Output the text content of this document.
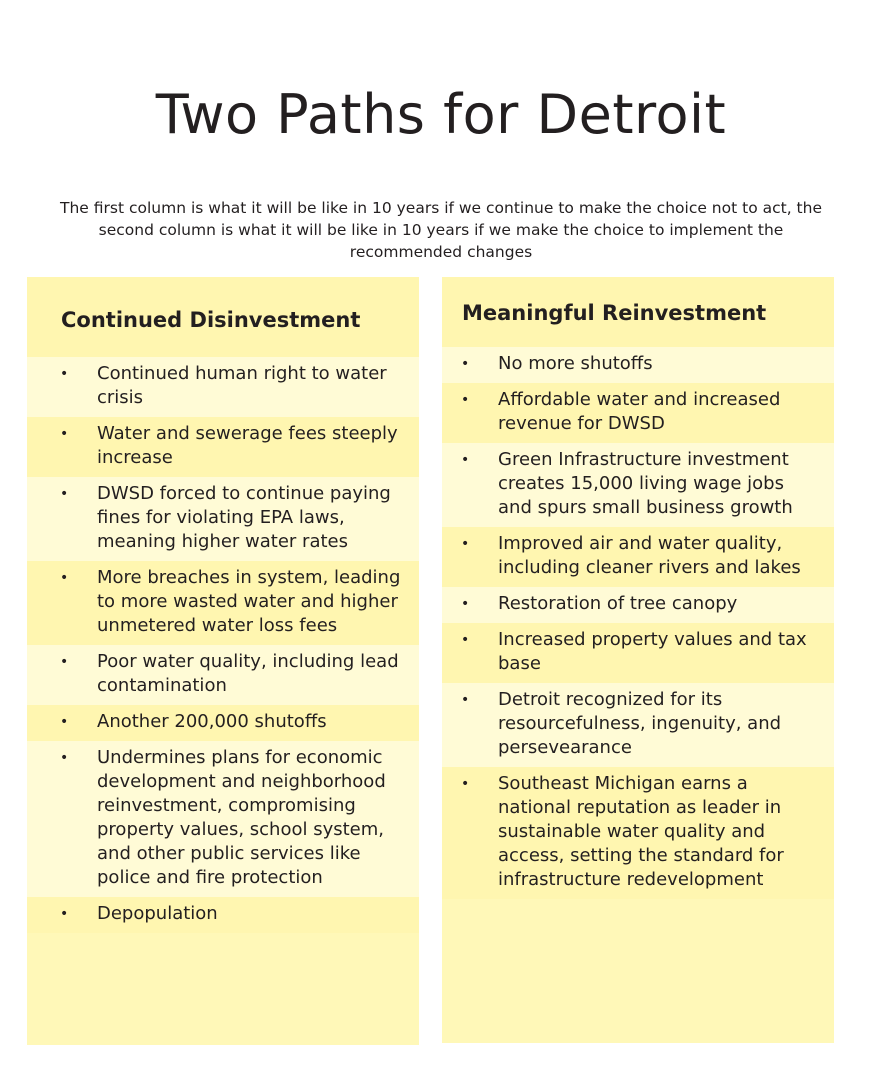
Two Paths for Detroit

The first column is what it will be like in 10 years if we continue to make the choice not to act, the second column is what it will be like in 10 years if we make the choice to implement the recommended changes

Continued Disinvestment
• Continued human right to water crisis
• Water and sewerage fees steeply increase
• DWSD forced to continue paying fines for violating EPA laws, meaning higher water rates
• More breaches in system, leading to more wasted water and higher unmetered water loss fees
• Poor water quality, including lead contamination
• Another 200,000 shutoffs
• Undermines plans for economic development and neighborhood reinvestment, compromising property values, school system, and other public services like police and fire protection
• Depopulation
Meaningful Reinvestment
• No more shutoffs
• Affordable water and increased revenue for DWSD
• Green Infrastructure investment creates 15,000 living wage jobs and spurs small business growth
• Improved air and water quality, including cleaner rivers and lakes
• Restoration of tree canopy
• Increased property values and tax base
• Detroit recognized for its resourcefulness, ingenuity, and persevearance
• Southeast Michigan earns a national reputation as leader in sustainable water quality and access, setting the standard for infrastructure redevelopment
